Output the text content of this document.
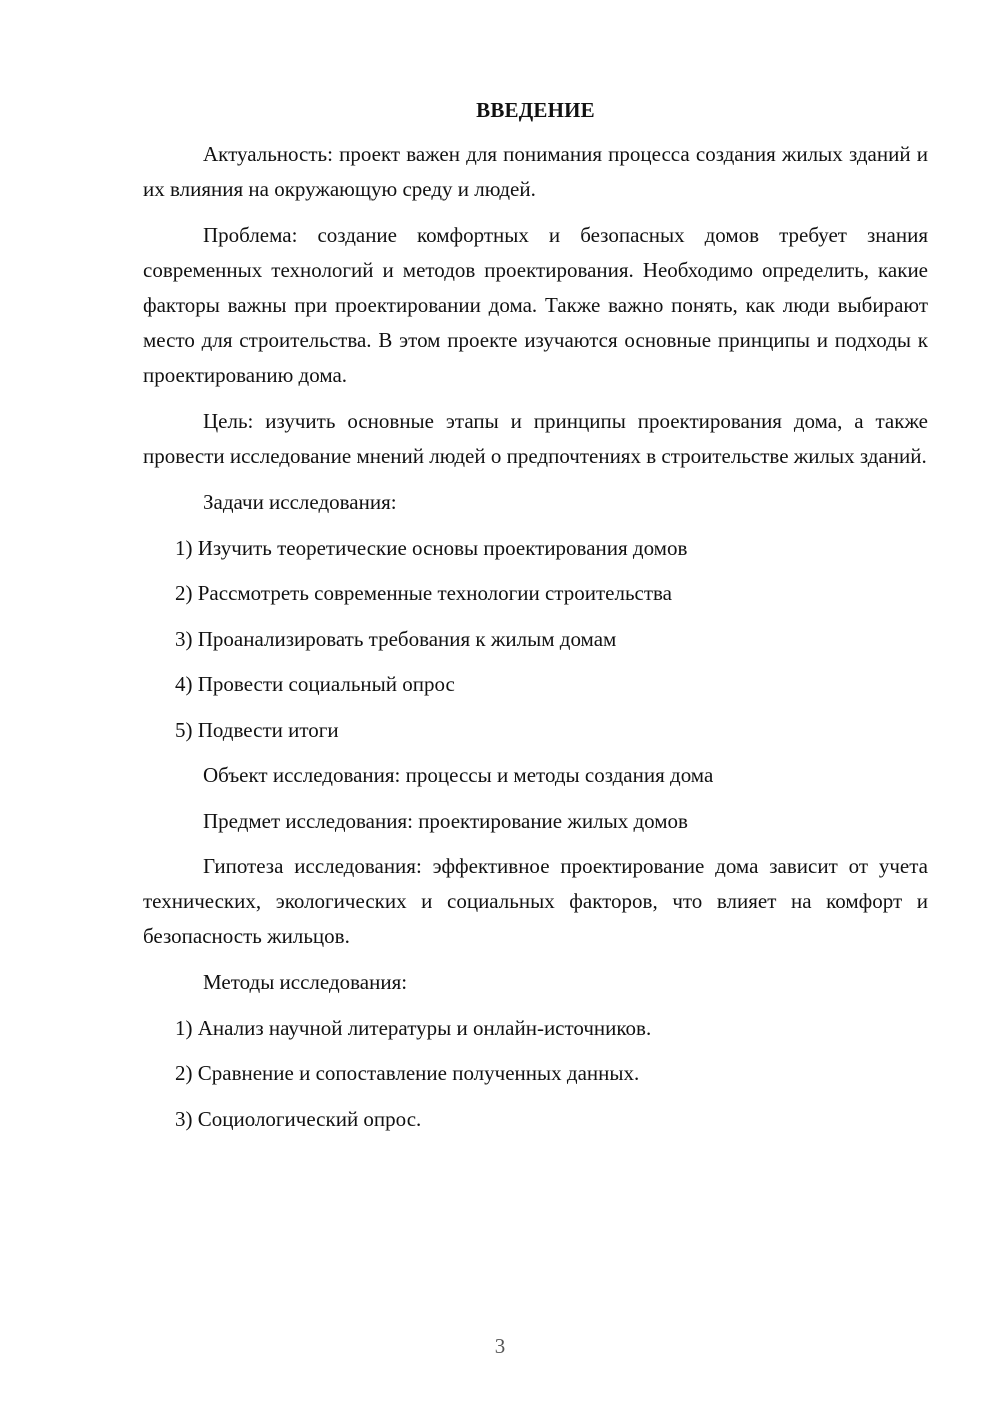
ВВЕДЕНИЕ

Актуальность: проект важен для понимания процесса создания жилых зданий и их влияния на окружающую среду и людей.

Проблема: создание комфортных и безопасных домов требует знания современных технологий и методов проектирования. Необходимо определить, какие факторы важны при проектировании дома. Также важно понять, как люди выбирают место для строительства. В этом проекте изучаются основные принципы и подходы к проектированию дома.

Цель: изучить основные этапы и принципы проектирования дома, а также провести исследование мнений людей о предпочтениях в строительстве жилых зданий.

Задачи исследования:
1) Изучить теоретические основы проектирования домов
2) Рассмотреть современные технологии строительства
3) Проанализировать требования к жилым домам
4) Провести социальный опрос
5) Подвести итоги
Объект исследования: процессы и методы создания дома
Предмет исследования: проектирование жилых домов

Гипотеза исследования: эффективное проектирование дома зависит от учета технических, экологических и социальных факторов, что влияет на комфорт и безопасность жильцов.

Методы исследования:
1) Анализ научной литературы и онлайн-источников.
2) Сравнение и сопоставление полученных данных.
3) Социологический опрос.
3
